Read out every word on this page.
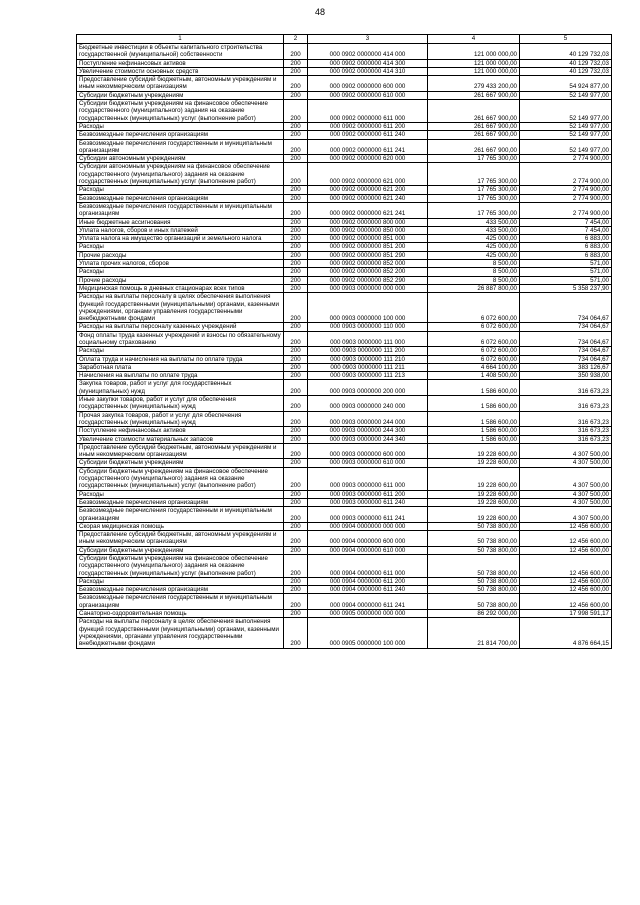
48
1	2	3	4	5
Бюджетные инвестиции в объекты капитального строительства государственной (муниципальной) собственности	200	000 0902 0000000 414 000	121 000 000,00	40 129 732,03
Поступление нефинансовых активов	200	000 0902 0000000 414 300	121 000 000,00	40 129 732,03
Увеличение стоимости основных средств	200	000 0902 0000000 414 310	121 000 000,00	40 129 732,03
Предоставление субсидий бюджетным, автономным учреждениям и иным некоммерческим организациям	200	000 0902 0000000 600 000	279 433 200,00	54 924 877,00
Субсидии бюджетным учреждениям	200	000 0902 0000000 610 000	261 667 900,00	52 149 977,00
Субсидии бюджетным учреждениям на финансовое обеспечение государственного (муниципального) задания на оказание государственных (муниципальных) услуг (выполнение работ)	200	000 0902 0000000 611 000	261 667 900,00	52 149 977,00
Расходы	200	000 0902 0000000 611 200	261 667 900,00	52 149 977,00
Безвозмездные перечисления организациям	200	000 0902 0000000 611 240	261 667 900,00	52 149 977,00
Безвозмездные перечисления государственным и муниципальным организациям	200	000 0902 0000000 611 241	261 667 900,00	52 149 977,00
Субсидии автономным учреждениям	200	000 0902 0000000 620 000	17 765 300,00	2 774 900,00
Субсидии автономным учреждениям на финансовое обеспечение государственного (муниципального) задания на оказание государственных (муниципальных) услуг (выполнение работ)	200	000 0902 0000000 621 000	17 765 300,00	2 774 900,00
Расходы	200	000 0902 0000000 621 200	17 765 300,00	2 774 900,00
Безвозмездные перечисления организациям	200	000 0902 0000000 621 240	17 765 300,00	2 774 900,00
Безвозмездные перечисления государственным и муниципальным организациям	200	000 0902 0000000 621 241	17 765 300,00	2 774 900,00
Иные бюджетные ассигнования	200	000 0902 0000000 800 000	433 500,00	7 454,00
Уплата налогов, сборов и иных платежей	200	000 0902 0000000 850 000	433 500,00	7 454,00
Уплата налога на имущество организаций и земельного налога	200	000 0902 0000000 851 000	425 000,00	6 883,00
Расходы	200	000 0902 0000000 851 200	425 000,00	6 883,00
Прочие расходы	200	000 0902 0000000 851 290	425 000,00	6 883,00
Уплата прочих налогов, сборов	200	000 0902 0000000 852 000	8 500,00	571,00
Расходы	200	000 0902 0000000 852 200	8 500,00	571,00
Прочие расходы	200	000 0902 0000000 852 290	8 500,00	571,00
Медицинская помощь в дневных стационарах всех типов	200	000 0903 0000000 000 000	26 887 800,00	5 358 237,90
Расходы на выплаты персоналу в целях обеспечения выполнения функций государственными (муниципальными) органами, казенными учреждениями, органами управления государственными внебюджетными фондами	200	000 0903 0000000 100 000	6 072 600,00	734 064,67
Расходы на выплаты персоналу казенных учреждений	200	000 0903 0000000 110 000	6 072 600,00	734 064,67
Фонд оплаты труда казенных учреждений и взносы по обязательному социальному страхованию	200	000 0903 0000000 111 000	6 072 600,00	734 064,67
Расходы	200	000 0903 0000000 111 200	6 072 600,00	734 064,67
Оплата труда и начисления на выплаты по оплате труда	200	000 0903 0000000 111 210	6 072 600,00	734 064,67
Заработная плата	200	000 0903 0000000 111 211	4 664 100,00	383 126,67
Начисления на выплаты по оплате труда	200	000 0903 0000000 111 213	1 408 500,00	350 938,00
Закупка товаров, работ и услуг для государственных (муниципальных) нужд	200	000 0903 0000000 200 000	1 586 600,00	316 673,23
Иные закупки товаров, работ и услуг для обеспечения государственных (муниципальных) нужд	200	000 0903 0000000 240 000	1 586 600,00	316 673,23
Прочая закупка товаров, работ и услуг для обеспечения государственных (муниципальных) нужд	200	000 0903 0000000 244 000	1 586 600,00	316 673,23
Поступление нефинансовых активов	200	000 0903 0000000 244 300	1 586 600,00	316 673,23
Увеличение стоимости материальных запасов	200	000 0903 0000000 244 340	1 586 600,00	316 673,23
Предоставление субсидий бюджетным, автономным учреждениям и иным некоммерческим организациям	200	000 0903 0000000 600 000	19 228 600,00	4 307 500,00
Субсидии бюджетным учреждениям	200	000 0903 0000000 610 000	19 228 600,00	4 307 500,00
Субсидии бюджетным учреждениям на финансовое обеспечение государственного (муниципального) задания на оказание государственных (муниципальных) услуг (выполнение работ)	200	000 0903 0000000 611 000	19 228 600,00	4 307 500,00
Расходы	200	000 0903 0000000 611 200	19 228 600,00	4 307 500,00
Безвозмездные перечисления организациям	200	000 0903 0000000 611 240	19 228 600,00	4 307 500,00
Безвозмездные перечисления государственным и муниципальным организациям	200	000 0903 0000000 611 241	19 228 600,00	4 307 500,00
Скорая медицинская помощь	200	000 0904 0000000 000 000	50 738 800,00	12 456 600,00
Предоставление субсидий бюджетным, автономным учреждениям и иным некоммерческим организациям	200	000 0904 0000000 600 000	50 738 800,00	12 456 600,00
Субсидии бюджетным учреждениям	200	000 0904 0000000 610 000	50 738 800,00	12 456 600,00
Субсидии бюджетным учреждениям на финансовое обеспечение государственного (муниципального) задания на оказание государственных (муниципальных) услуг (выполнение работ)	200	000 0904 0000000 611 000	50 738 800,00	12 456 600,00
Расходы	200	000 0904 0000000 611 200	50 738 800,00	12 456 600,00
Безвозмездные перечисления организациям	200	000 0904 0000000 611 240	50 738 800,00	12 456 600,00
Безвозмездные перечисления государственным и муниципальным организациям	200	000 0904 0000000 611 241	50 738 800,00	12 456 600,00
Санаторно-оздоровительная помощь	200	000 0905 0000000 000 000	86 292 000,00	17 998 591,17
Расходы на выплаты персоналу в целях обеспечения выполнения функций государственными (муниципальными) органами, казенными учреждениями, органами управления государственными внебюджетными фондами	200	000 0905 0000000 100 000	21 814 700,00	4 876 664,15
